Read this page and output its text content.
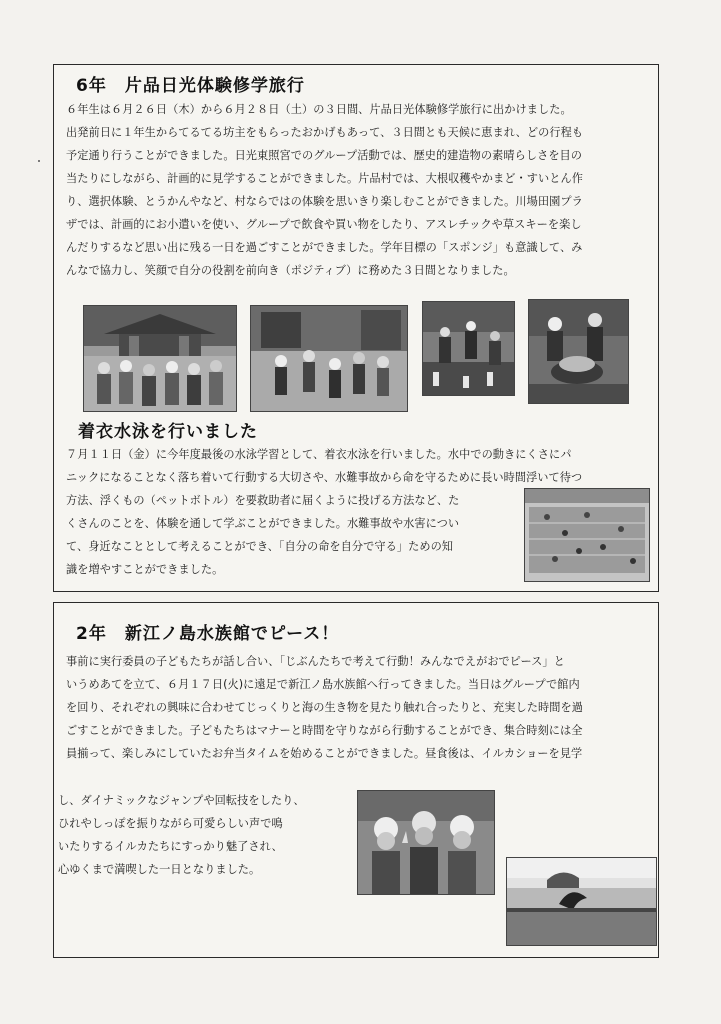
6年　片品日光体験修学旅行

６年生は６月２６日（木）から６月２８日（土）の３日間、片品日光体験修学旅行に出かけました。
出発前日に１年生からてるてる坊主をもらったおかげもあって、３日間とも天候に恵まれ、どの行程も
予定通り行うことができました。日光東照宮でのグループ活動では、歴史的建造物の素晴らしさを目の
当たりにしながら、計画的に見学することができました。片品村では、大根収穫やかまど・すいとん作
り、選択体験、とうかんやなど、村ならではの体験を思いきり楽しむことができました。川場田園プラ
ザでは、計画的にお小遣いを使い、グループで飲食や買い物をしたり、アスレチックや草スキーを楽し
んだりするなど思い出に残る一日を過ごすことができました。学年目標の「スポンジ」も意識して、み
んなで協力し、笑顔で自分の役割を前向き（ポジティブ）に務めた３日間となりました。

着衣水泳を行いました

７月１１日（金）に今年度最後の水泳学習として、着衣水泳を行いました。水中での動きにくさにパ
ニックになることなく落ち着いて行動する大切さや、水難事故から命を守るために長い時間浮いて待つ
方法、浮くもの（ペットボトル）を要救助者に届くように投げる方法など、た
くさんのことを、体験を通して学ぶことができました。水難事故や水害につい
て、身近なこととして考えることができ、「自分の命を自分で守る」ための知
識を増やすことができました。

2年　新江ノ島水族館でピース！

事前に実行委員の子どもたちが話し合い、「じぶんたちで考えて行動！みんなでえがおでピース」と
いうめあてを立て、６月１７日(火)に遠足で新江ノ島水族館へ行ってきました。当日はグループで館内
を回り、それぞれの興味に合わせてじっくりと海の生き物を見たり触れ合ったりと、充実した時間を過
ごすことができました。子どもたちはマナーと時間を守りながら行動することができ、集合時刻には全
員揃って、楽しみにしていたお弁当タイムを始めることができました。昼食後は、イルカショーを見学

し、ダイナミックなジャンプや回転技をしたり、
ひれやしっぽを振りながら可愛らしい声で鳴
いたりするイルカたちにすっかり魅了され、
心ゆくまで満喫した一日となりました。
